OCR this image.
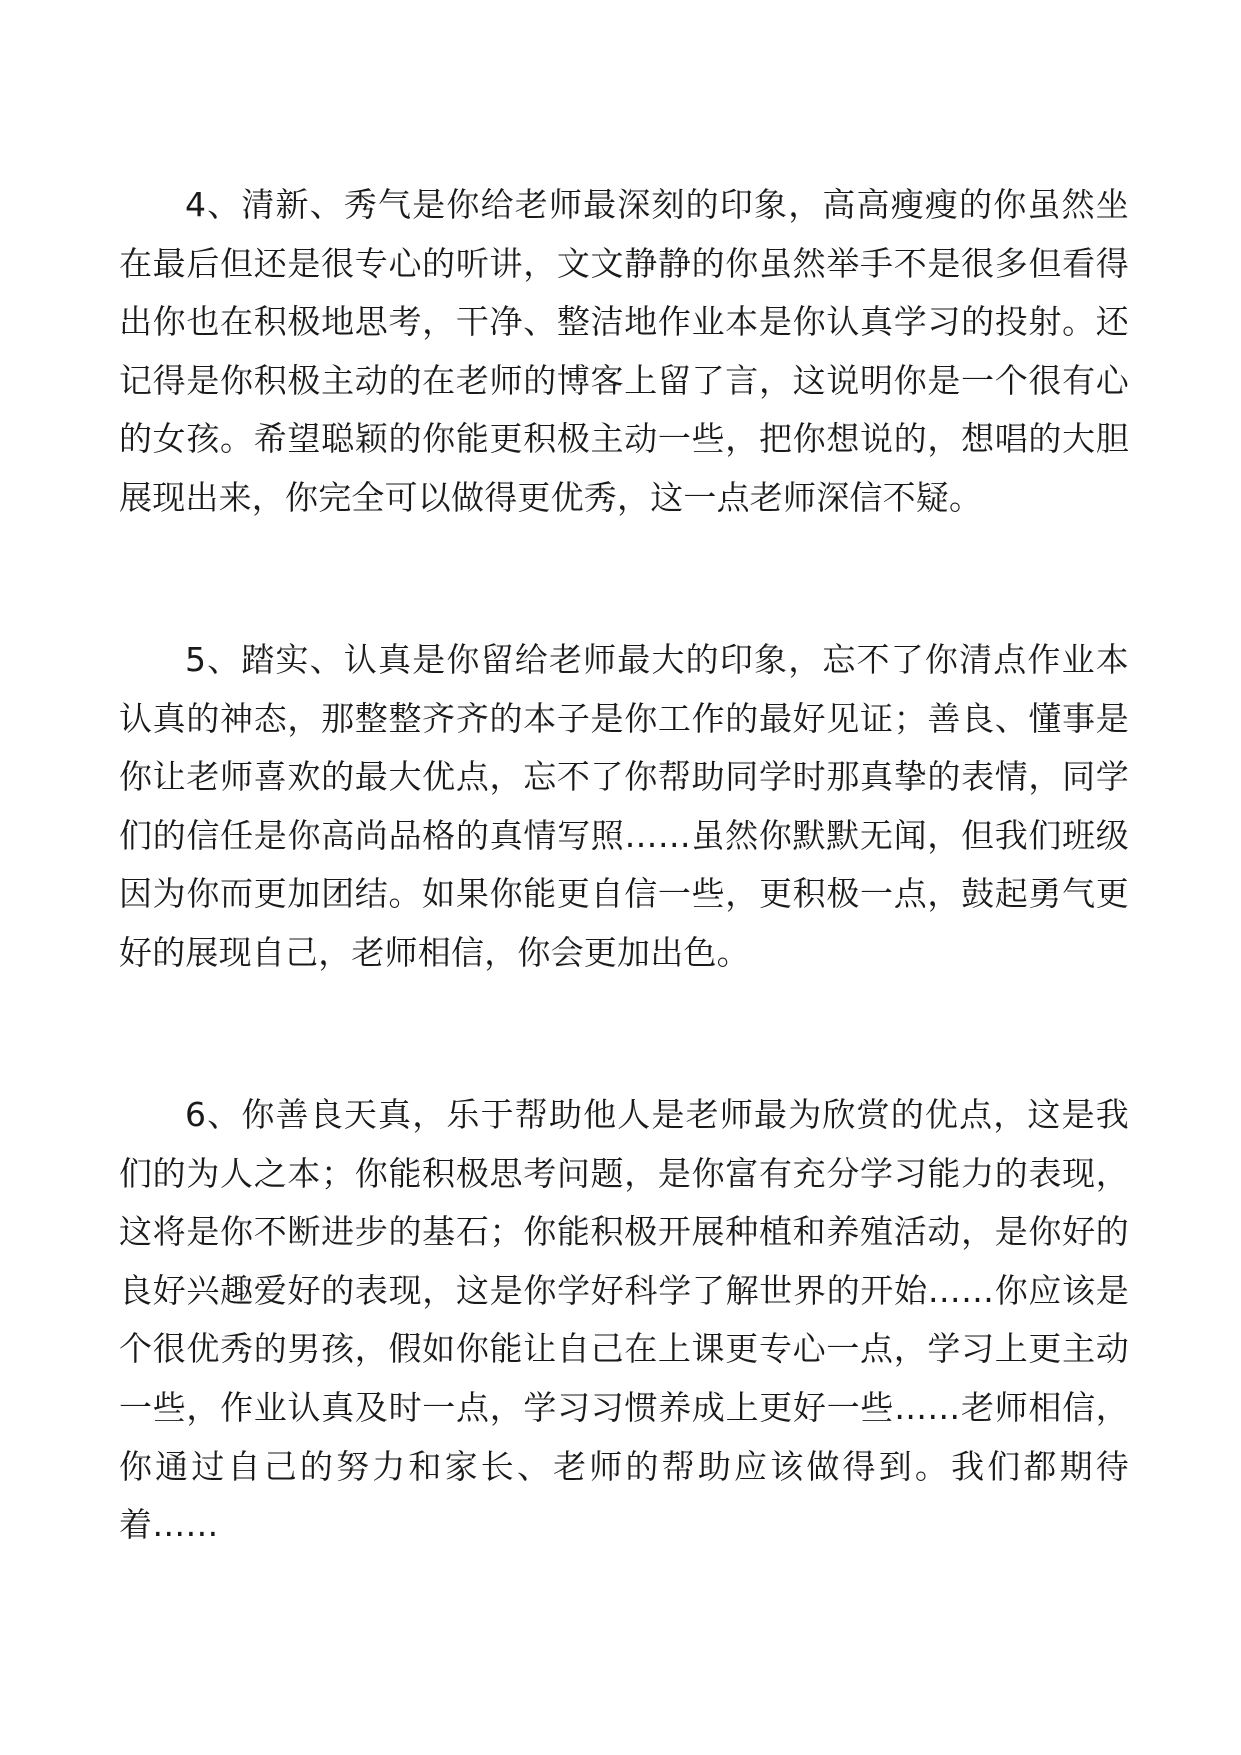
4、清新、秀气是你给老师最深刻的印象，高高瘦瘦的你虽然坐在最后但还是很专心的听讲，文文静静的你虽然举手不是很多但看得出你也在积极地思考，干净、整洁地作业本是你认真学习的投射。还记得是你积极主动的在老师的博客上留了言，这说明你是一个很有心的女孩。希望聪颖的你能更积极主动一些，把你想说的，想唱的大胆展现出来，你完全可以做得更优秀，这一点老师深信不疑。

5、踏实、认真是你留给老师最大的印象，忘不了你清点作业本认真的神态，那整整齐齐的本子是你工作的最好见证；善良、懂事是你让老师喜欢的最大优点，忘不了你帮助同学时那真挚的表情，同学们的信任是你高尚品格的真情写照……虽然你默默无闻，但我们班级因为你而更加团结。如果你能更自信一些，更积极一点，鼓起勇气更好的展现自己，老师相信，你会更加出色。

6、你善良天真，乐于帮助他人是老师最为欣赏的优点，这是我们的为人之本；你能积极思考问题，是你富有充分学习能力的表现，这将是你不断进步的基石；你能积极开展种植和养殖活动，是你好的良好兴趣爱好的表现，这是你学好科学了解世界的开始……你应该是个很优秀的男孩，假如你能让自己在上课更专心一点，学习上更主动一些，作业认真及时一点，学习习惯养成上更好一些……老师相信，你通过自己的努力和家长、老师的帮助应该做得到。我们都期待着……
